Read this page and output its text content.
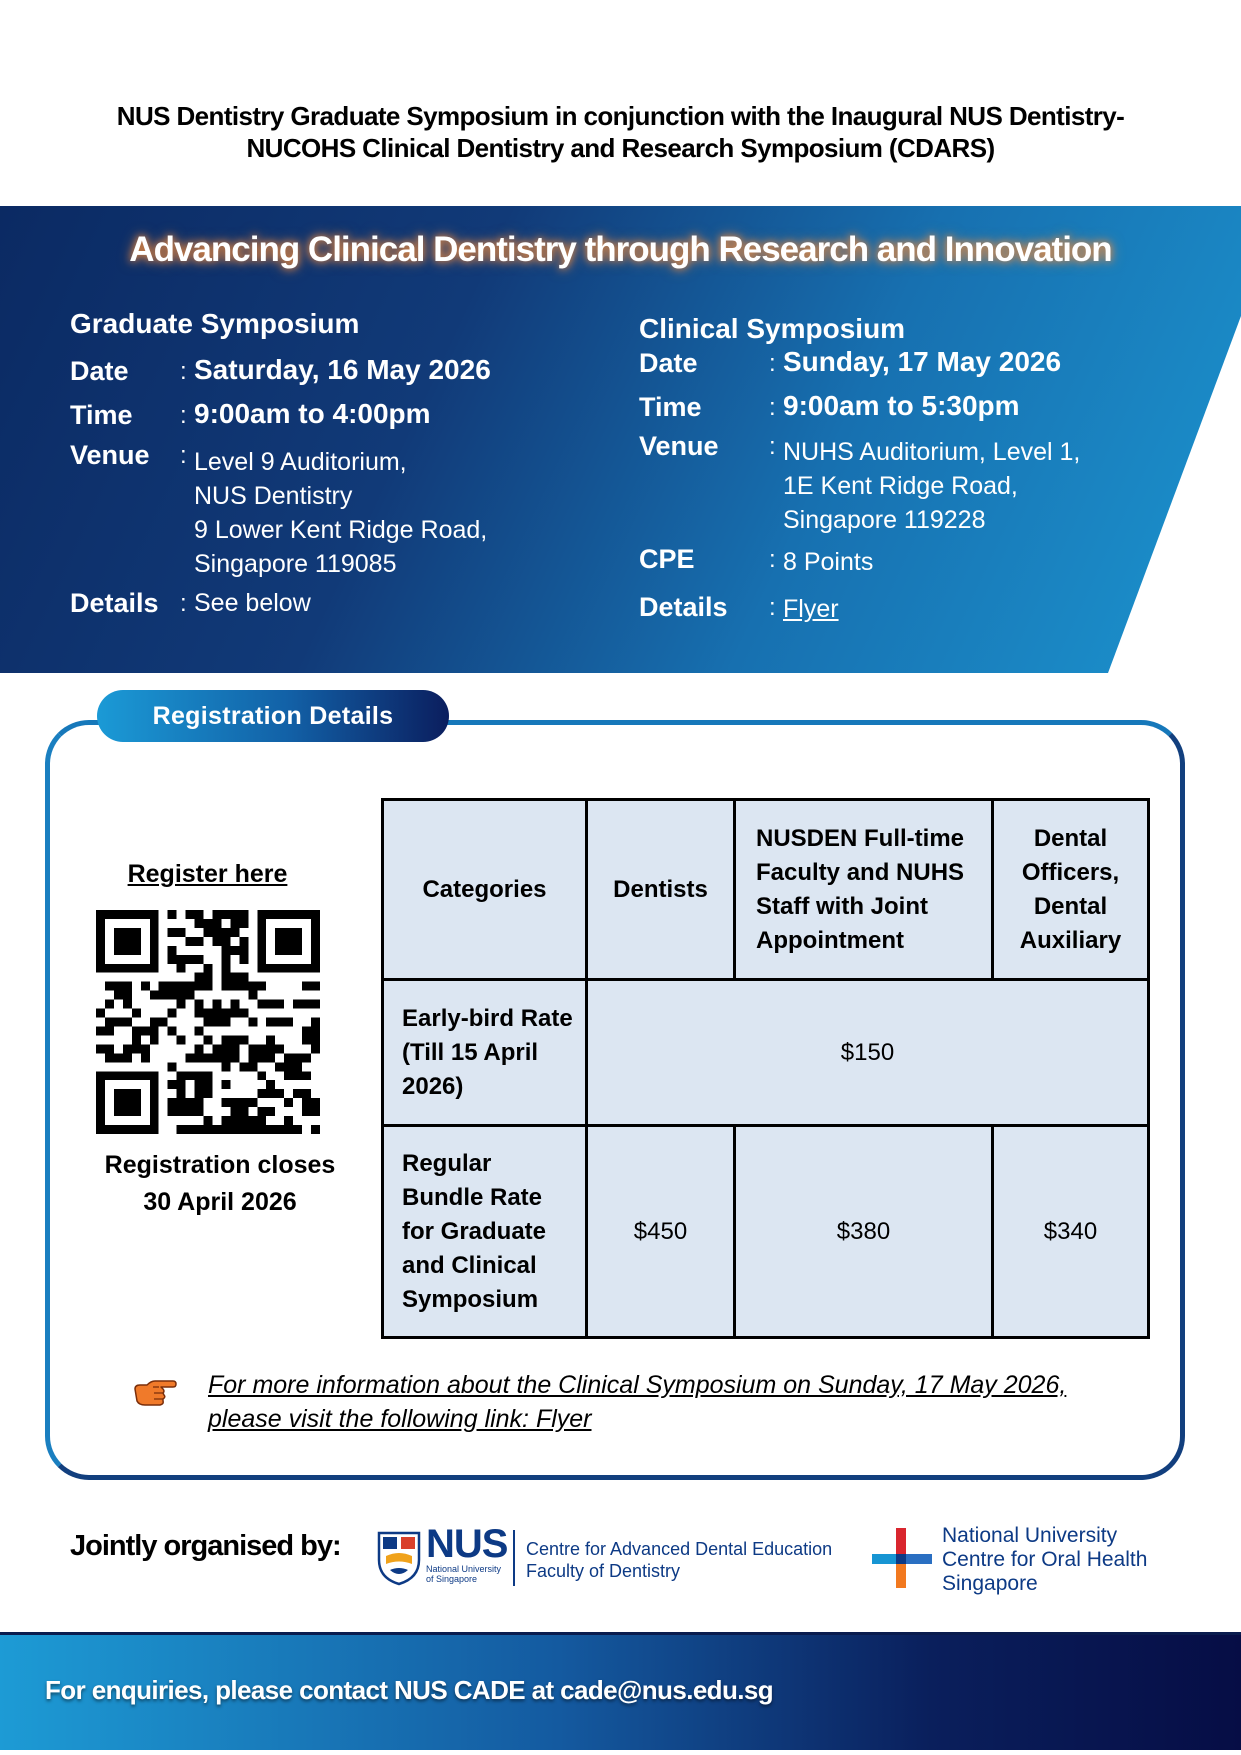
NUS Dentistry Graduate Symposium in conjunction with the Inaugural NUS Dentistry-
NUCOHS Clinical Dentistry and Research Symposium (CDARS)
Advancing Clinical Dentistry through Research and Innovation
Graduate Symposium
Date : Saturday, 16 May 2026
Time : 9:00am to 4:00pm
Venue : Level 9 Auditorium,
NUS Dentistry
9 Lower Kent Ridge Road,
Singapore 119085
Details : See below
Clinical Symposium
Date	: Sunday, 17 May 2026
Time	: 9:00am to 5:30pm
Venue : NUHS Auditorium, Level 1,
1E Kent Ridge Road,
Singapore 119228
CPE	: 8 Points
Details : Flyer
Registration Details
Register here
Registration closes
30 April 2026
Categories	Dentists	NUSDEN Full-time Faculty and NUHS Staff with Joint Appointment	Dental Officers, Dental Auxiliary
Early-bird Rate (Till 15 April 2026)	$150		
Regular Bundle Rate for Graduate and Clinical Symposium	$450	$380	$340
For more information about the Clinical Symposium on Sunday, 17 May 2026, please visit the following link: Flyer
Jointly organised by: NUS
National University of Singapore
Centre for Advanced Dental Education
Faculty of Dentistry
National University
Centre for Oral Health
Singapore
For enquiries, please contact NUS CADE at cade@nus.edu.sg
